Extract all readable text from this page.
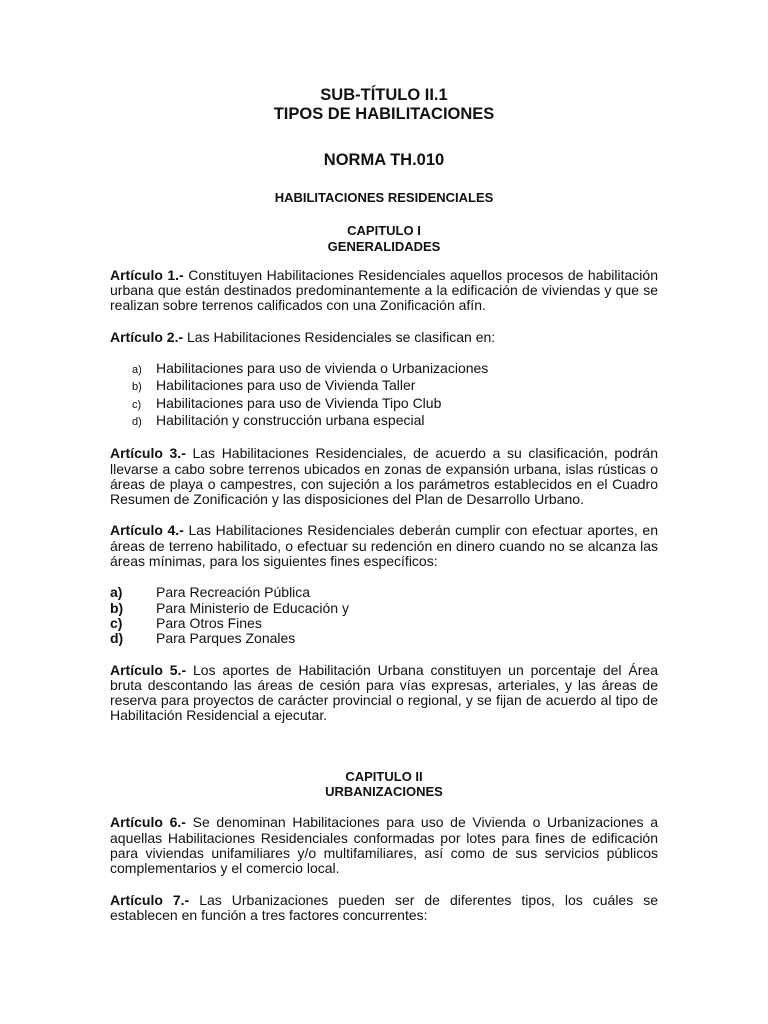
SUB-TÍTULO II.1
TIPOS DE HABILITACIONES
NORMA TH.010
HABILITACIONES RESIDENCIALES
CAPITULO I
GENERALIDADES

Artículo 1.- Constituyen Habilitaciones Residenciales aquellos procesos de habilitación urbana que están destinados predominantemente a la edificación de viviendas y que se realizan sobre terrenos calificados con una Zonificación afín.

Artículo 2.- Las Habilitaciones Residenciales se clasifican en:

a)	Habilitaciones para uso de vivienda o Urbanizaciones
b)	Habilitaciones para uso de Vivienda Taller
c)	Habilitaciones para uso de Vivienda Tipo Club
d)	Habilitación y construcción urbana especial

Artículo 3.- Las Habilitaciones Residenciales, de acuerdo a su clasificación, podrán llevarse a cabo sobre terrenos ubicados en zonas de expansión urbana, islas rústicas o áreas de playa o campestres, con sujeción a los parámetros establecidos en el Cuadro Resumen de Zonificación y las disposiciones del Plan de Desarrollo Urbano.

Artículo 4.- Las Habilitaciones Residenciales deberán cumplir con efectuar aportes, en áreas de terreno habilitado, o efectuar su redención en dinero cuando no se alcanza las áreas mínimas, para los siguientes fines específicos:

a)	Para Recreación Pública
b)	Para Ministerio de Educación y
c)	Para Otros Fines
d)	Para Parques Zonales

Artículo 5.- Los aportes de Habilitación Urbana constituyen un porcentaje del Área bruta descontando las áreas de cesión para vías expresas, arteriales, y las áreas de reserva para proyectos de carácter provincial o regional, y se fijan de acuerdo al tipo de Habilitación Residencial a ejecutar.

CAPITULO II
URBANIZACIONES

Artículo 6.- Se denominan Habilitaciones para uso de Vivienda o Urbanizaciones a aquellas Habilitaciones Residenciales conformadas por lotes para fines de edificación para viviendas unifamiliares y/o multifamiliares, así como de sus servicios públicos complementarios y el comercio local.

Artículo 7.- Las Urbanizaciones pueden ser de diferentes tipos, los cuáles se establecen en función a tres factores concurrentes:
